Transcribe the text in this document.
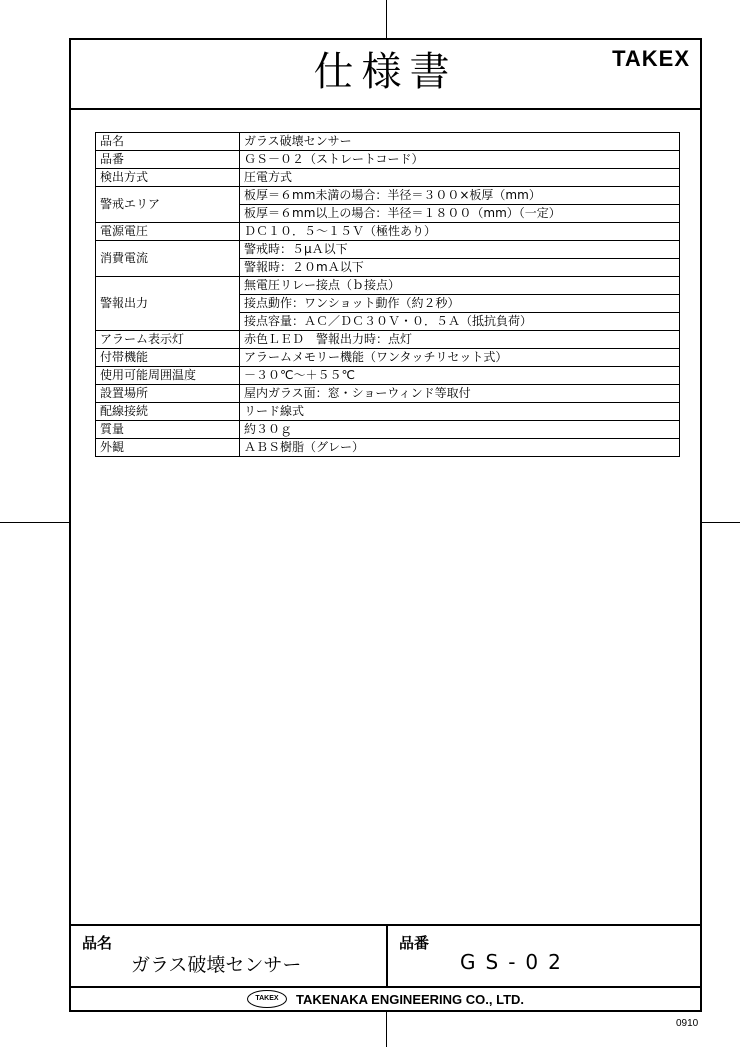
仕様書	TAKEX
品名	ガラス破壊センサー
品番	ＧＳ－０２（ストレートコード）
検出方式	圧電方式
警戒エリア	板厚＝６mm未満の場合：半径＝３００×板厚（mm）
	板厚＝６mm以上の場合：半径＝１８００（mm）（一定）
電源電圧	ＤＣ１０．５～１５Ｖ（極性あり）
消費電流	警戒時：５μＡ以下
	警報時：２０mＡ以下
警報出力	無電圧リレー接点（ｂ接点）
	接点動作：ワンショット動作（約２秒）
	接点容量：ＡＣ／ＤＣ３０Ｖ・０．５Ａ（抵抗負荷）
アラーム表示灯	赤色ＬＥＤ　警報出力時：点灯
付帯機能	アラームメモリー機能（ワンタッチリセット式）
使用可能周囲温度	－３０℃～＋５５℃
設置場所	屋内ガラス面：窓・ショーウィンド等取付
配線接続	リード線式
質量	約３０ｇ
外観	ＡＢＳ樹脂（グレー）
品名
ガラス破壊センサー
品番
GS-02
TAKEX TAKENAKA ENGINEERING CO., LTD.
0910
